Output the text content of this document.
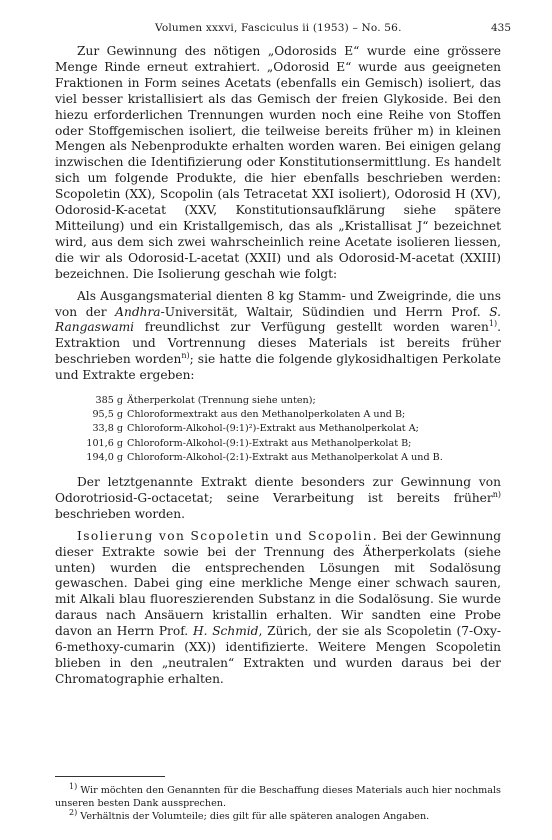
Volumen xxxvi, Fasciculus ii (1953) – No. 56.	435

Zur Gewinnung des nötigen „Odorosids E“ wurde eine grössere Menge Rinde erneut extrahiert. „Odorosid E“ wurde aus geeigneten Fraktionen in Form seines Acetats (ebenfalls ein Gemisch) isoliert, das viel besser kristallisiert als das Gemisch der freien Glykoside. Bei den hiezu erforderlichen Trennungen wurden noch eine Reihe von Stoffen oder Stoffgemischen isoliert, die teilweise bereits früher m) in kleinen Mengen als Nebenprodukte erhalten worden waren. Bei einigen gelang inzwischen die Identifizierung oder Konstitutionsermittlung. Es handelt sich um folgende Produkte, die hier ebenfalls beschrieben werden: Scopoletin (XX), Scopolin (als Tetracetat XXI isoliert), Odorosid H (XV), Odorosid-K-acetat (XXV, Konstitutionsaufklärung siehe spätere Mitteilung) und ein Kristallgemisch, das als „Kristallisat J“ bezeichnet wird, aus dem sich zwei wahrscheinlich reine Acetate isolieren liessen, die wir als Odorosid-L-acetat (XXII) und als Odorosid-M-acetat (XXIII) bezeichnen. Die Isolierung geschah wie folgt:

Als Ausgangsmaterial dienten 8 kg Stamm- und Zweigrinde, die uns von der Andhra-Universität, Waltair, Südindien und Herrn Prof. S. Rangaswami freundlichst zur Verfügung gestellt worden waren$^{1)}$. Extraktion und Vortrennung dieses Materials ist bereits früher beschrieben worden$^{n)}$; sie hatte die folgende glykosidhaltigen Perkolate und Extrakte ergeben:

385 g Ätherperkolat (Trennung siehe unten);
95,5 g Chloroformextrakt aus den Methanolperkolaten A und B;
33,8 g Chloroform-Alkohol-(9:1)²)-Extrakt aus Methanolperkolat A;
101,6 g Chloroform-Alkohol-(9:1)-Extrakt aus Methanolperkolat B;
194,0 g Chloroform-Alkohol-(2:1)-Extrakt aus Methanolperkolat A und B.

Der letztgenannte Extrakt diente besonders zur Gewinnung von Odorotriosid-G-octacetat; seine Verarbeitung ist bereits früher$^{n)}$ beschrieben worden.

Isolierung von Scopoletin und Scopolin. Bei der Gewinnung dieser Extrakte sowie bei der Trennung des Ätherperkolats (siehe unten) wurden die entsprechenden Lösungen mit Sodalösung gewaschen. Dabei ging eine merkliche Menge einer schwach sauren, mit Alkali blau fluoreszierenden Substanz in die Sodalösung. Sie wurde daraus nach Ansäuern kristallin erhalten. Wir sandten eine Probe davon an Herrn Prof. H. Schmid, Zürich, der sie als Scopoletin (7-Oxy-6-methoxy-cumarin (XX)) identifizierte. Weitere Mengen Scopoletin blieben in den „neutralen“ Extrakten und wurden daraus bei der Chromatographie erhalten.

$^{1)}$ Wir möchten den Genannten für die Beschaffung dieses Materials auch hier nochmals unseren besten Dank aussprechen.

$^{2)}$ Verhältnis der Volumteile; dies gilt für alle späteren analogen Angaben.
